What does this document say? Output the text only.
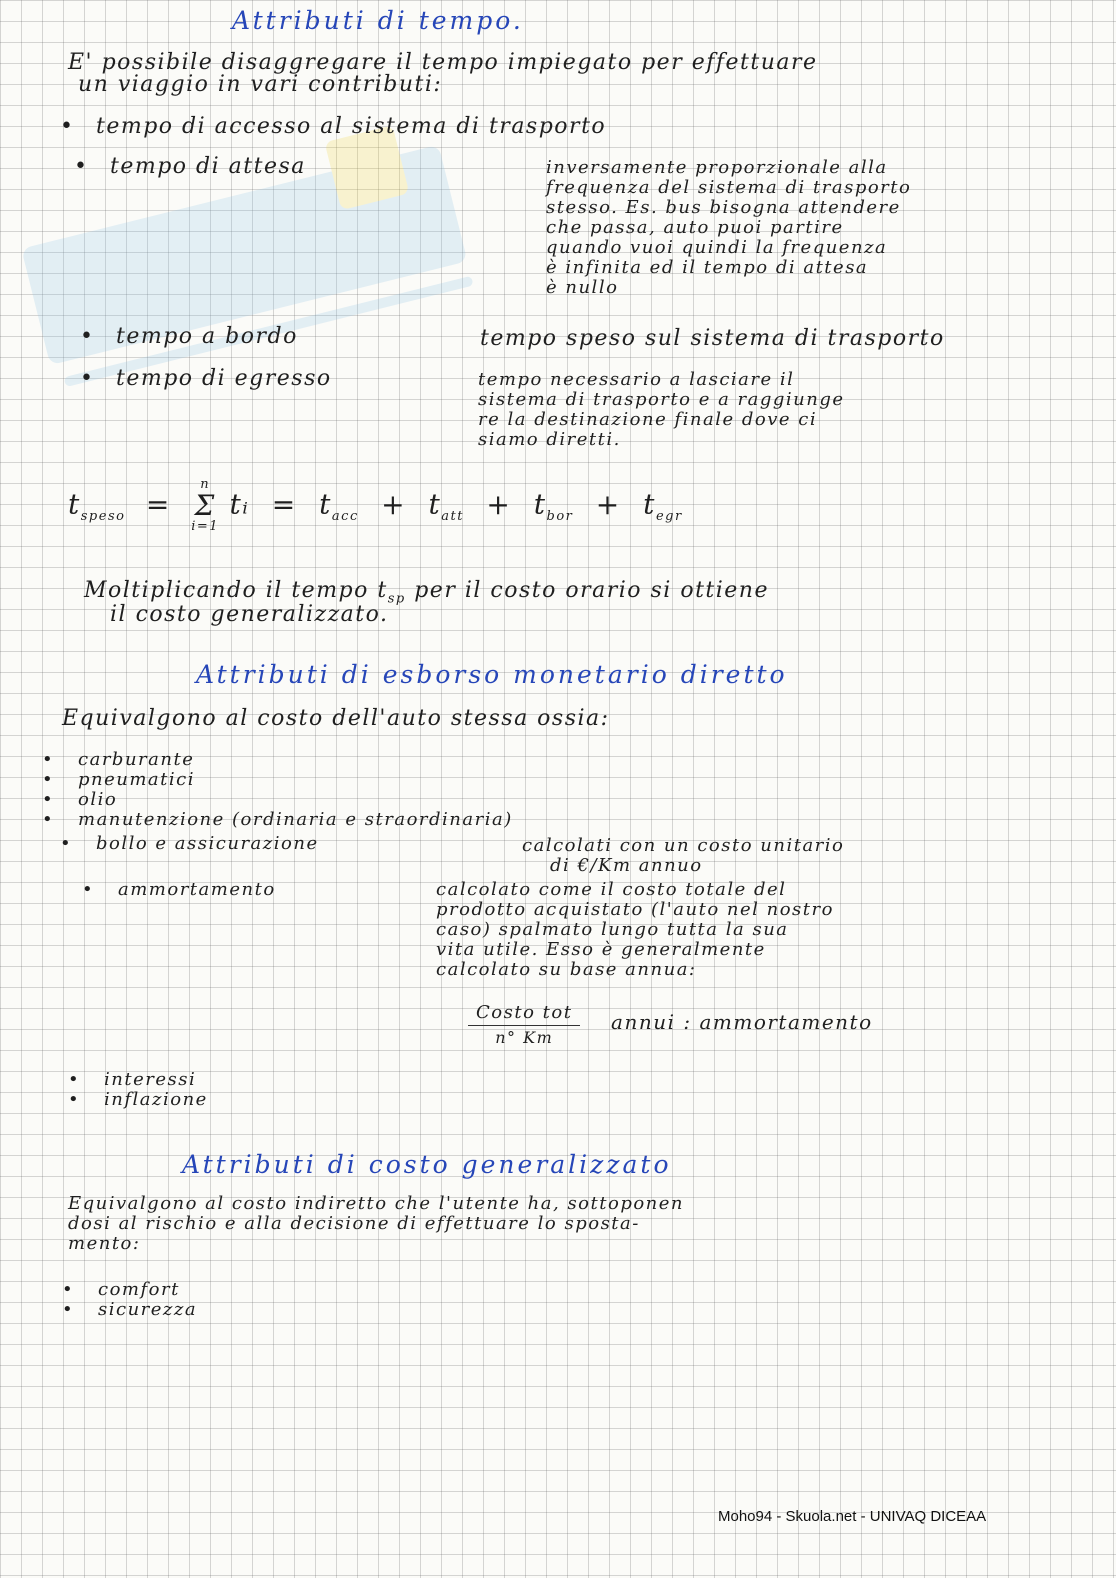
Attributi di tempo.
E' possibile disaggregare il tempo impiegato per effettuare
un viaggio in vari contributi:
• tempo di accesso al sistema di trasporto
• tempo di attesa	inversamente proporzionale alla
frequenza del sistema di trasporto
stesso. Es. bus bisogna attendere
che passa, auto puoi partire
quando vuoi quindi la frequenza
è infinita ed il tempo di attesa
è nullo
• tempo a bordo	tempo speso sul sistema di trasporto
• tempo di egresso	tempo necessario a lasciare il
sistema di trasporto e a raggiunge
re la destinazione finale dove ci
siamo diretti.
$t_{speso}$ =
n
Σ
i=1
tᵢ = $t_{acc} + t_{att} + t_{bor} + t_{egr}$
Moltiplicando il tempo $t_{sp}$ per il costo orario si ottiene
il costo generalizzato.
Attributi di esborso monetario diretto
Equivalgono al costo dell'auto stessa ossia:
• carburante
• pneumatici
• olio
• manutenzione (ordinaria e straordinaria)
• bollo e assicurazione	calcolati con un costo unitario
di €/Km annuo
• ammortamento	calcolato come il costo totale del
prodotto acquistato (l'auto nel nostro
caso) spalmato lungo tutta la sua
vita utile. Esso è generalmente
calcolato su base annua:
$\frac{\text{Costo tot}}{n^\circ Km}$ annui : ammortamento
• interessi
• inflazione
Attributi di costo generalizzato
Equivalgono al costo indiretto che l'utente ha, sottoponen
dosi al rischio e alla decisione di effettuare lo sposta-
mento:
• comfort
• sicurezza
Moho94 - Skuola.net - UNIVAQ DICEAA
